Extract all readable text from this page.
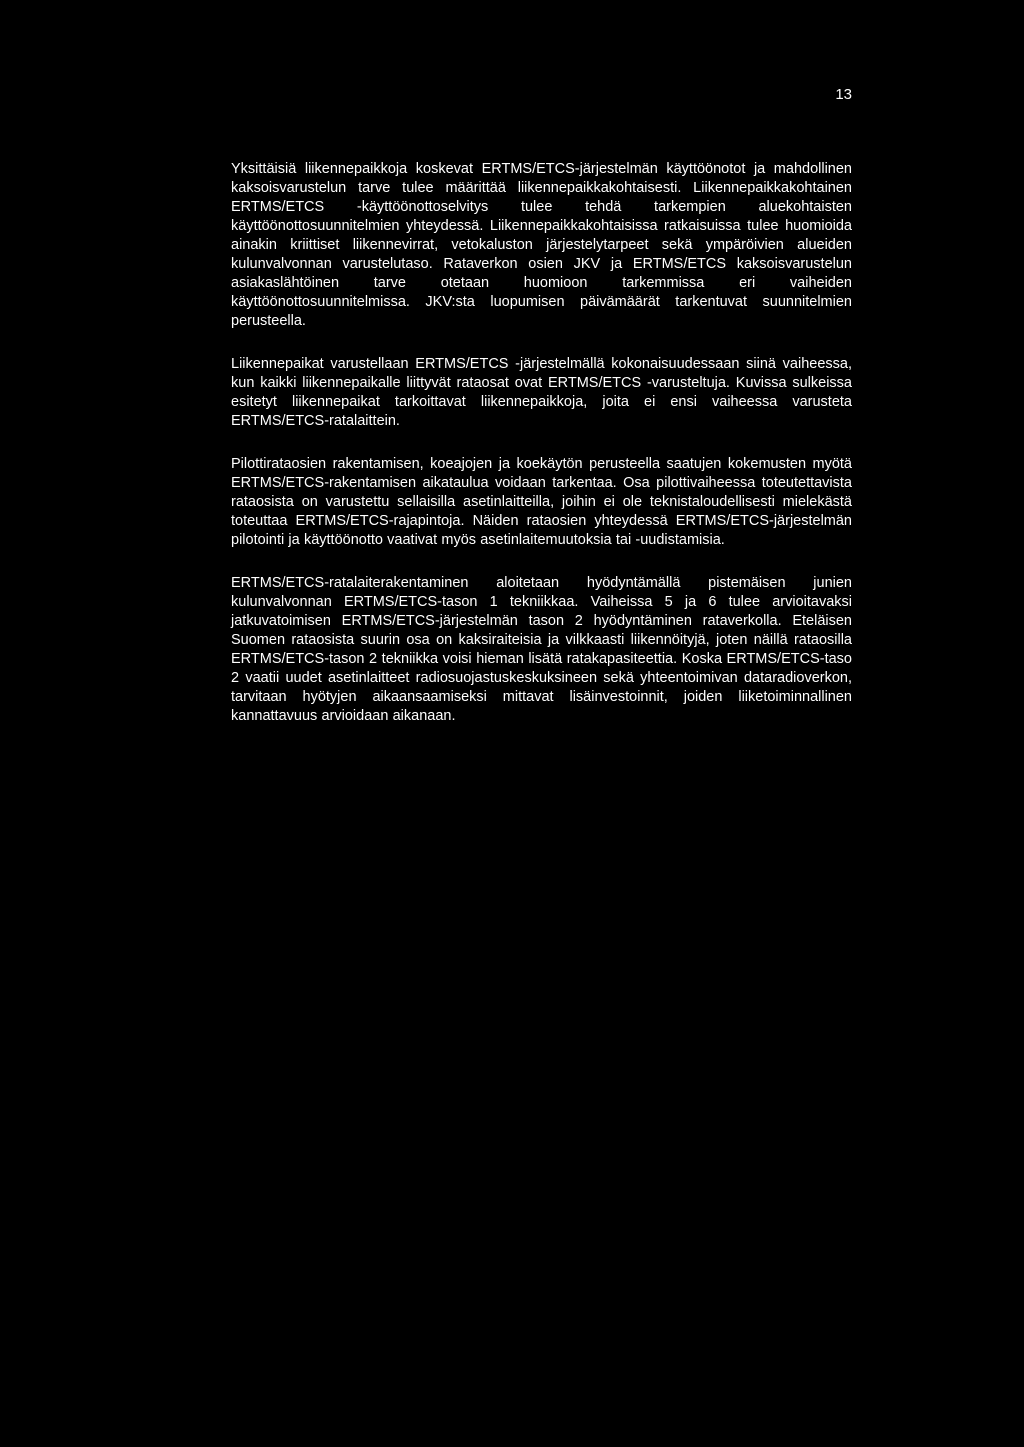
13

Yksittäisiä liikennepaikkoja koskevat ERTMS/ETCS-järjestelmän käyttöönotot ja mahdollinen kaksoisvarustelun tarve tulee määrittää liikennepaikkakohtaisesti. Liikennepaikkakohtainen ERTMS/ETCS -käyttöönottoselvitys tulee tehdä tarkempien aluekohtaisten käyttöönottosuunnitelmien yhteydessä. Liikennepaikkakohtaisissa ratkaisuissa tulee huomioida ainakin kriittiset liikennevirrat, vetokaluston järjestelytarpeet sekä ympäröivien alueiden kulunvalvonnan varustelutaso. Rataverkon osien JKV ja ERTMS/ETCS kaksoisvarustelun asiakaslähtöinen tarve otetaan huomioon tarkemmissa eri vaiheiden käyttöönottosuunnitelmissa. JKV:sta luopumisen päivämäärät tarkentuvat suunnitelmien perusteella.

Liikennepaikat varustellaan ERTMS/ETCS -järjestelmällä kokonaisuudessaan siinä vaiheessa, kun kaikki liikennepaikalle liittyvät rataosat ovat ERTMS/ETCS -varusteltuja. Kuvissa sulkeissa esitetyt liikennepaikat tarkoittavat liikennepaikkoja, joita ei ensi vaiheessa varusteta ERTMS/ETCS-ratalaittein.

Pilottirataosien rakentamisen, koeajojen ja koekäytön perusteella saatujen kokemusten myötä ERTMS/ETCS-rakentamisen aikataulua voidaan tarkentaa. Osa pilottivaiheessa toteutettavista rataosista on varustettu sellaisilla asetinlaitteilla, joihin ei ole teknistaloudellisesti mielekästä toteuttaa ERTMS/ETCS-rajapintoja. Näiden rataosien yhteydessä ERTMS/ETCS-järjestelmän pilotointi ja käyttöönotto vaativat myös asetinlaitemuutoksia tai -uudistamisia.

ERTMS/ETCS-ratalaiterakentaminen aloitetaan hyödyntämällä pistemäisen junien kulunvalvonnan ERTMS/ETCS-tason 1 tekniikkaa. Vaiheissa 5 ja 6 tulee arvioitavaksi jatkuvatoimisen ERTMS/ETCS-järjestelmän tason 2 hyödyntäminen rataverkolla. Eteläisen Suomen rataosista suurin osa on kaksiraiteisia ja vilkkaasti liikennöityjä, joten näillä rataosilla ERTMS/ETCS-tason 2 tekniikka voisi hieman lisätä ratakapasiteettia. Koska ERTMS/ETCS-taso 2 vaatii uudet asetinlaitteet radiosuojastuskeskuksineen sekä yhteentoimivan dataradioverkon, tarvitaan hyötyjen aikaansaamiseksi mittavat lisäinvestoinnit, joiden liiketoiminnallinen kannattavuus arvioidaan aikanaan.
